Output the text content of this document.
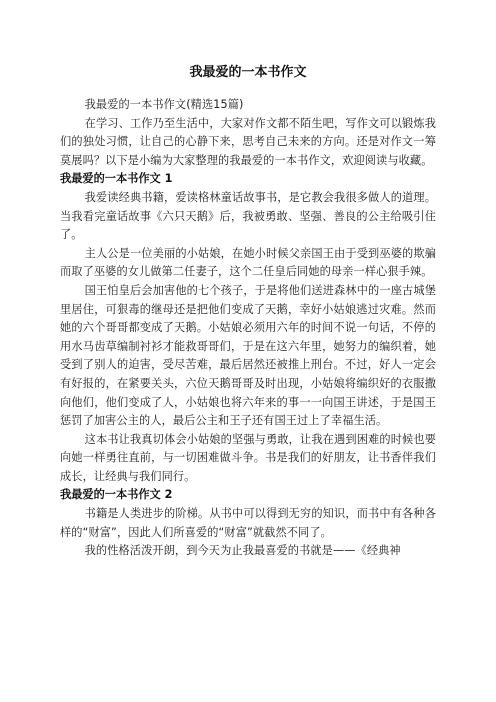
我最爱的一本书作文

我最爱的一本书作文(精选15篇)

在学习、工作乃至生活中，大家对作文都不陌生吧，写作文可以锻炼我们的独处习惯，让自己的心静下来，思考自己未来的方向。还是对作文一筹莫展吗？以下是小编为大家整理的我最爱的一本书作文，欢迎阅读与收藏。

我最爱的一本书作文 1

我爱读经典书籍，爱读格林童话故事书，是它教会我很多做人的道理。当我看完童话故事《六只天鹅》后，我被勇敢、坚强、善良的公主给吸引住了。

主人公是一位美丽的小姑娘，在她小时候父亲国王由于受到巫婆的欺骗而取了巫婆的女儿做第二任妻子，这个二任皇后同她的母亲一样心狠手辣。

国王怕皇后会加害他的七个孩子，于是将他们送进森林中的一座古城堡里居住，可狠毒的继母还是把他们变成了天鹅，幸好小姑娘逃过灾难。然而她的六个哥哥都变成了天鹅。小姑娘必须用六年的时间不说一句话，不停的用水马齿草编制衬衫才能救哥哥们，于是在这六年里，她努力的编织着，她受到了别人的迫害，受尽苦难，最后居然还被推上刑台。不过，好人一定会有好报的，在紧要关头，六位天鹅哥哥及时出现，小姑娘将编织好的衣服撒向他们，他们变成了人，小姑娘也将六年来的事一一向国王讲述，于是国王惩罚了加害公主的人，最后公主和王子还有国王过上了幸福生活。

这本书让我真切体会小姑娘的坚强与勇敢，让我在遇到困难的时候也要向她一样勇往直前，与一切困难做斗争。书是我们的好朋友，让书香伴我们成长，让经典与我们同行。

我最爱的一本书作文 2

书籍是人类进步的阶梯。从书中可以得到无穷的知识，而书中有各种各样的“财富”，因此人们所喜爱的“财富”就截然不同了。

我的性格活泼开朗，到今天为止我最喜爱的书就是——《经典神
